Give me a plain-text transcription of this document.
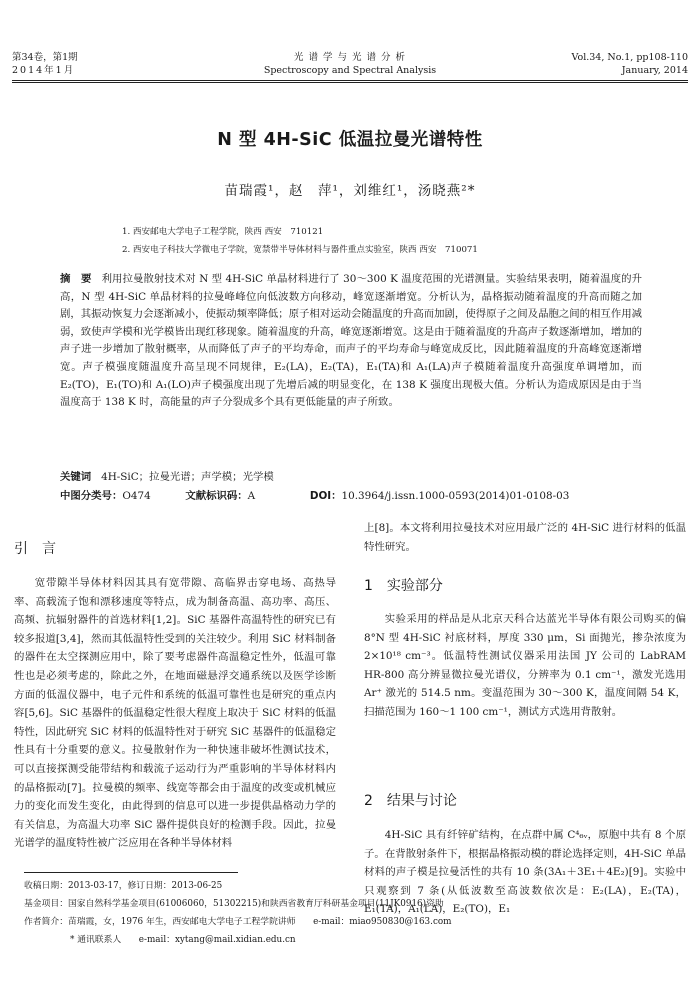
第34卷，第1期
2014年1月
光 谱 学 与 光 谱 分 析
Spectroscopy and Spectral Analysis
Vol.34, No.1, pp108-110
January, 2014
N 型 4H-SiC 低温拉曼光谱特性
苗瑞霞¹，赵　萍¹，刘维红¹，汤晓燕²*
1. 西安邮电大学电子工程学院，陕西 西安　710121
2. 西安电子科技大学微电子学院，宽禁带半导体材料与器件重点实验室，陕西 西安　710071
摘　要 利用拉曼散射技术对 N 型 4H-SiC 单晶材料进行了 30～300 K 温度范围的光谱测量。实验结果表明，随着温度的升高，N 型 4H-SiC 单晶材料的拉曼峰峰位向低波数方向移动，峰宽逐渐增宽。分析认为，晶格振动随着温度的升高而随之加剧，其振动恢复力会逐渐减小，使振动频率降低；原子相对运动会随温度的升高而加剧，使得原子之间及晶胞之间的相互作用减弱，致使声学模和光学模皆出现红移现象。随着温度的升高，峰宽逐渐增宽。这是由于随着温度的升高声子数逐渐增加，增加的声子进一步增加了散射概率，从而降低了声子的平均寿命，而声子的平均寿命与峰宽成反比，因此随着温度的升高峰宽逐渐增宽。声子模强度随温度升高呈现不同规律，E₂(LA)，E₂(TA)，E₁(TA)和 A₁(LA)声子模随着温度升高强度单调增加，而 E₂(TO)，E₁(TO)和 A₁(LO)声子模强度出现了先增后减的明显变化，在 138 K 强度出现极大值。分析认为造成原因是由于当温度高于 138 K 时，高能量的声子分裂成多个具有更低能量的声子所致。
关键词 4H-SiC；拉曼光谱；声学模；光学模
中图分类号：O474	文献标识码：A	DOI：10.3964/j.issn.1000-0593(2014)01-0108-03
引　言
宽带隙半导体材料因其具有宽带隙、高临界击穿电场、高热导率、高载流子饱和漂移速度等特点，成为制备高温、高功率、高压、高频、抗辐射器件的首选材料[1,2]。SiC 基器件高温特性的研究已有较多报道[3,4]，然而其低温特性受到的关注较少。利用 SiC 材料制备的器件在太空探测应用中，除了要考虑器件高温稳定性外，低温可靠性也是必须考虑的，除此之外，在地面磁悬浮交通系统以及医学诊断方面的低温仪器中，电子元件和系统的低温可靠性也是研究的重点内容[5,6]。SiC 基器件的低温稳定性很大程度上取决于 SiC 材料的低温特性，因此研究 SiC 材料的低温特性对于研究 SiC 基器件的低温稳定性具有十分重要的意义。拉曼散射作为一种快速非破坏性测试技术，可以直接探测受能带结构和载流子运动行为严重影响的半导体材料内的晶格振动[7]。拉曼模的频率、线宽等都会由于温度的改变或机械应力的变化而发生变化，由此得到的信息可以进一步提供晶格动力学的有关信息，为高温大功率 SiC 器件提供良好的检测手段。因此，拉曼光谱学的温度特性被广泛应用在各种半导体材料
上[8]。本文将利用拉曼技术对应用最广泛的 4H-SiC 进行材料的低温特性研究。
1　实验部分
实验采用的样品是从北京天科合达蓝光半导体有限公司购买的偏 8°N 型 4H-SiC 衬底材料，厚度 330 μm，Si 面抛光，掺杂浓度为 2×10¹⁸ cm⁻³。低温特性测试仪器采用法国 JY 公司的 LabRAM HR-800 高分辨显微拉曼光谱仪，分辨率为 0.1 cm⁻¹，激发光选用 Ar⁺ 激光的 514.5 nm。变温范围为 30～300 K，温度间隔 54 K，扫描范围为 160～1 100 cm⁻¹，测试方式选用背散射。
2　结果与讨论
4H-SiC 具有纤锌矿结构，在点群中属 C⁴₆ᵥ，原胞中共有 8 个原子。在背散射条件下，根据晶格振动模的群论选择定则，4H-SiC 单晶材料的声子模是拉曼活性的共有 10 条(3A₁＋3E₁＋4E₂)[9]。实验中只观察到 7 条(从低波数至高波数依次是：E₂(LA)，E₂(TA)，E₁(TA)，A₁(LA)，E₂(TO)，E₁
收稿日期：2013-03-17，修订日期：2013-06-25
基金项目：国家自然科学基金项目(61006060，51302215)和陕西省教育厅科研基金项目(11JK0916)资助
作者简介：苗瑞霞，女，1976 年生，西安邮电大学电子工程学院讲师　　e-mail：miao950830@163.com
* 通讯联系人　　e-mail：xytang@mail.xidian.edu.cn
